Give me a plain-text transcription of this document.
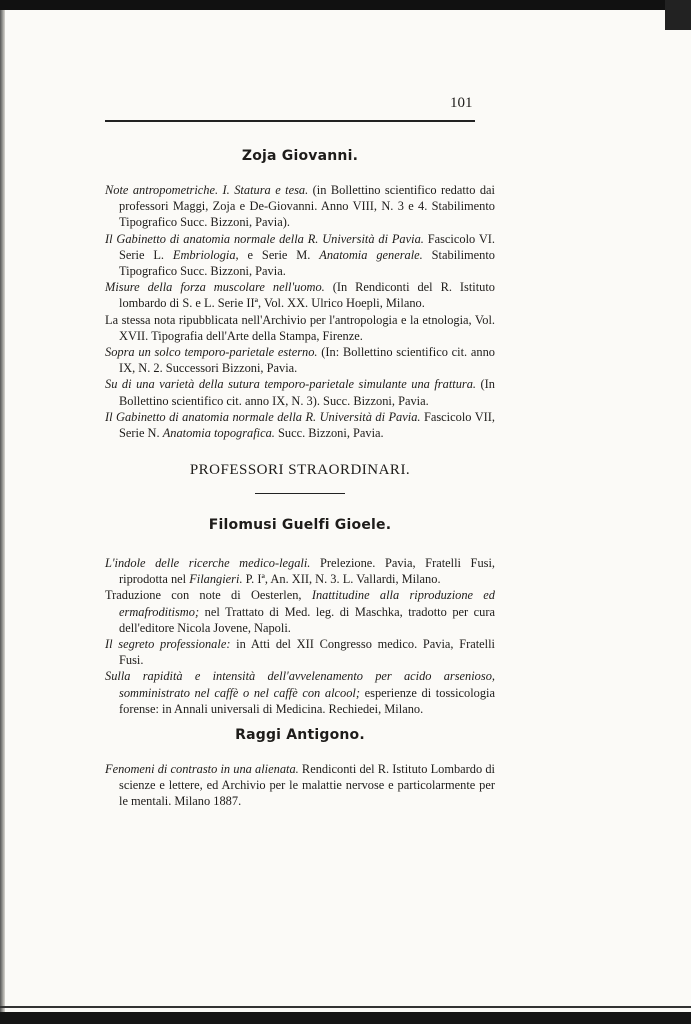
101
Zoja Giovanni.
Note antropometriche. I. Statura e tesa. (in Bollettino scientifico redatto dai professori Maggi, Zoja e De-Giovanni. Anno VIII, N. 3 e 4. Stabilimento Tipografico Succ. Bizzoni, Pavia).
Il Gabinetto di anatomia normale della R. Università di Pavia. Fascicolo VI. Serie L. Embriologia, e Serie M. Anatomia generale. Stabilimento Tipografico Succ. Bizzoni, Pavia.
Misure della forza muscolare nell'uomo. (In Rendiconti del R. Istituto lombardo di S. e L. Serie IIª, Vol. XX. Ulrico Hoepli, Milano.
La stessa nota ripubblicata nell'Archivio per l'antropologia e la etnologia, Vol. XVII. Tipografia dell'Arte della Stampa, Firenze.
Sopra un solco temporo-parietale esterno. (In: Bollettino scientifico cit. anno IX, N. 2. Successori Bizzoni, Pavia.
Su di una varietà della sutura temporo-parietale simulante una frattura. (In Bollettino scientifico cit. anno IX, N. 3). Succ. Bizzoni, Pavia.
Il Gabinetto di anatomia normale della R. Università di Pavia. Fascicolo VII, Serie N. Anatomia topografica. Succ. Bizzoni, Pavia.
PROFESSORI STRAORDINARI.
Filomusi Guelfi Gioele.
L'indole delle ricerche medico-legali. Prelezione. Pavia, Fratelli Fusi, riprodotta nel Filangieri. P. Iª, An. XII, N. 3. L. Vallardi, Milano.
Traduzione con note di Oesterlen, Inattitudine alla riproduzione ed ermafroditismo; nel Trattato di Med. leg. di Maschka, tradotto per cura dell'editore Nicola Jovene, Napoli.
Il segreto professionale: in Atti del XII Congresso medico. Pavia, Fratelli Fusi.
Sulla rapidità e intensità dell'avvelenamento per acido arsenioso, somministrato nel caffè o nel caffè con alcool; esperienze di tossicologia forense: in Annali universali di Medicina. Rechiedei, Milano.
Raggi Antigono.
Fenomeni di contrasto in una alienata. Rendiconti del R. Istituto Lombardo di scienze e lettere, ed Archivio per le malattie nervose e particolarmente per le mentali. Milano 1887.
